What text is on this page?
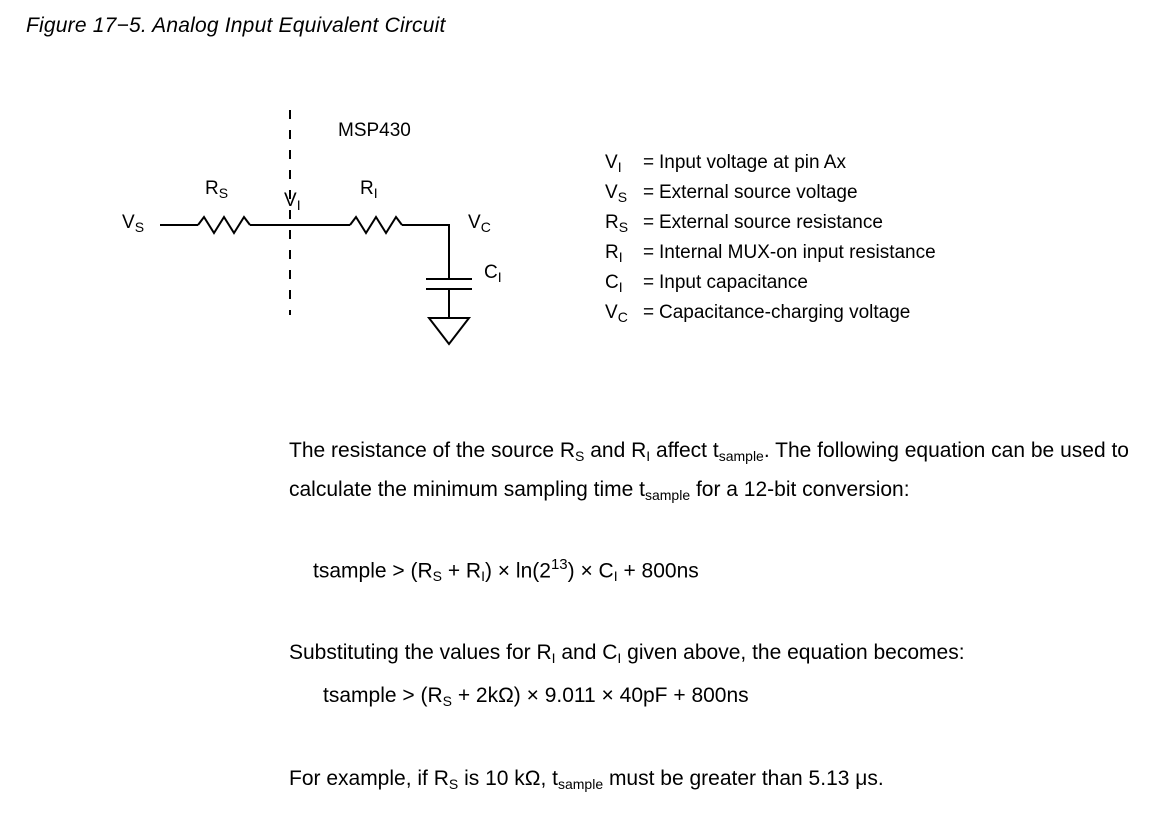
Figure 17−5. Analog Input Equivalent Circuit
MSP430
$V_S$
$R_S$	$V_I$
$R_I$
$V_C$
$C_I$
$V_I$	= Input voltage at pin Ax
$V_S$ = External source voltage
$R_S$ = External source resistance
$R_I$	= Internal MUX-on input resistance
$C_I$	= Input capacitance
$V_C$ = Capacitance-charging voltage
The resistance of the source $R_S$ and $R_I$ affect $t_{sample}$. The following equation can be used to calculate the minimum sampling time $t_{sample}$ for a 12-bit conversion:
tsample > $(R_S + R_I) \times \ln(2^{13}) \times C_I + 800ns$
Substituting the values for $R_I$ and $C_I$ given above, the equation becomes:
tsample > $(R_S + 2k\Omega) \times 9.011 \times 40pF + 800ns$
For example, if $R_S$ is 10 kΩ, $t_{sample}$ must be greater than 5.13 μs.
